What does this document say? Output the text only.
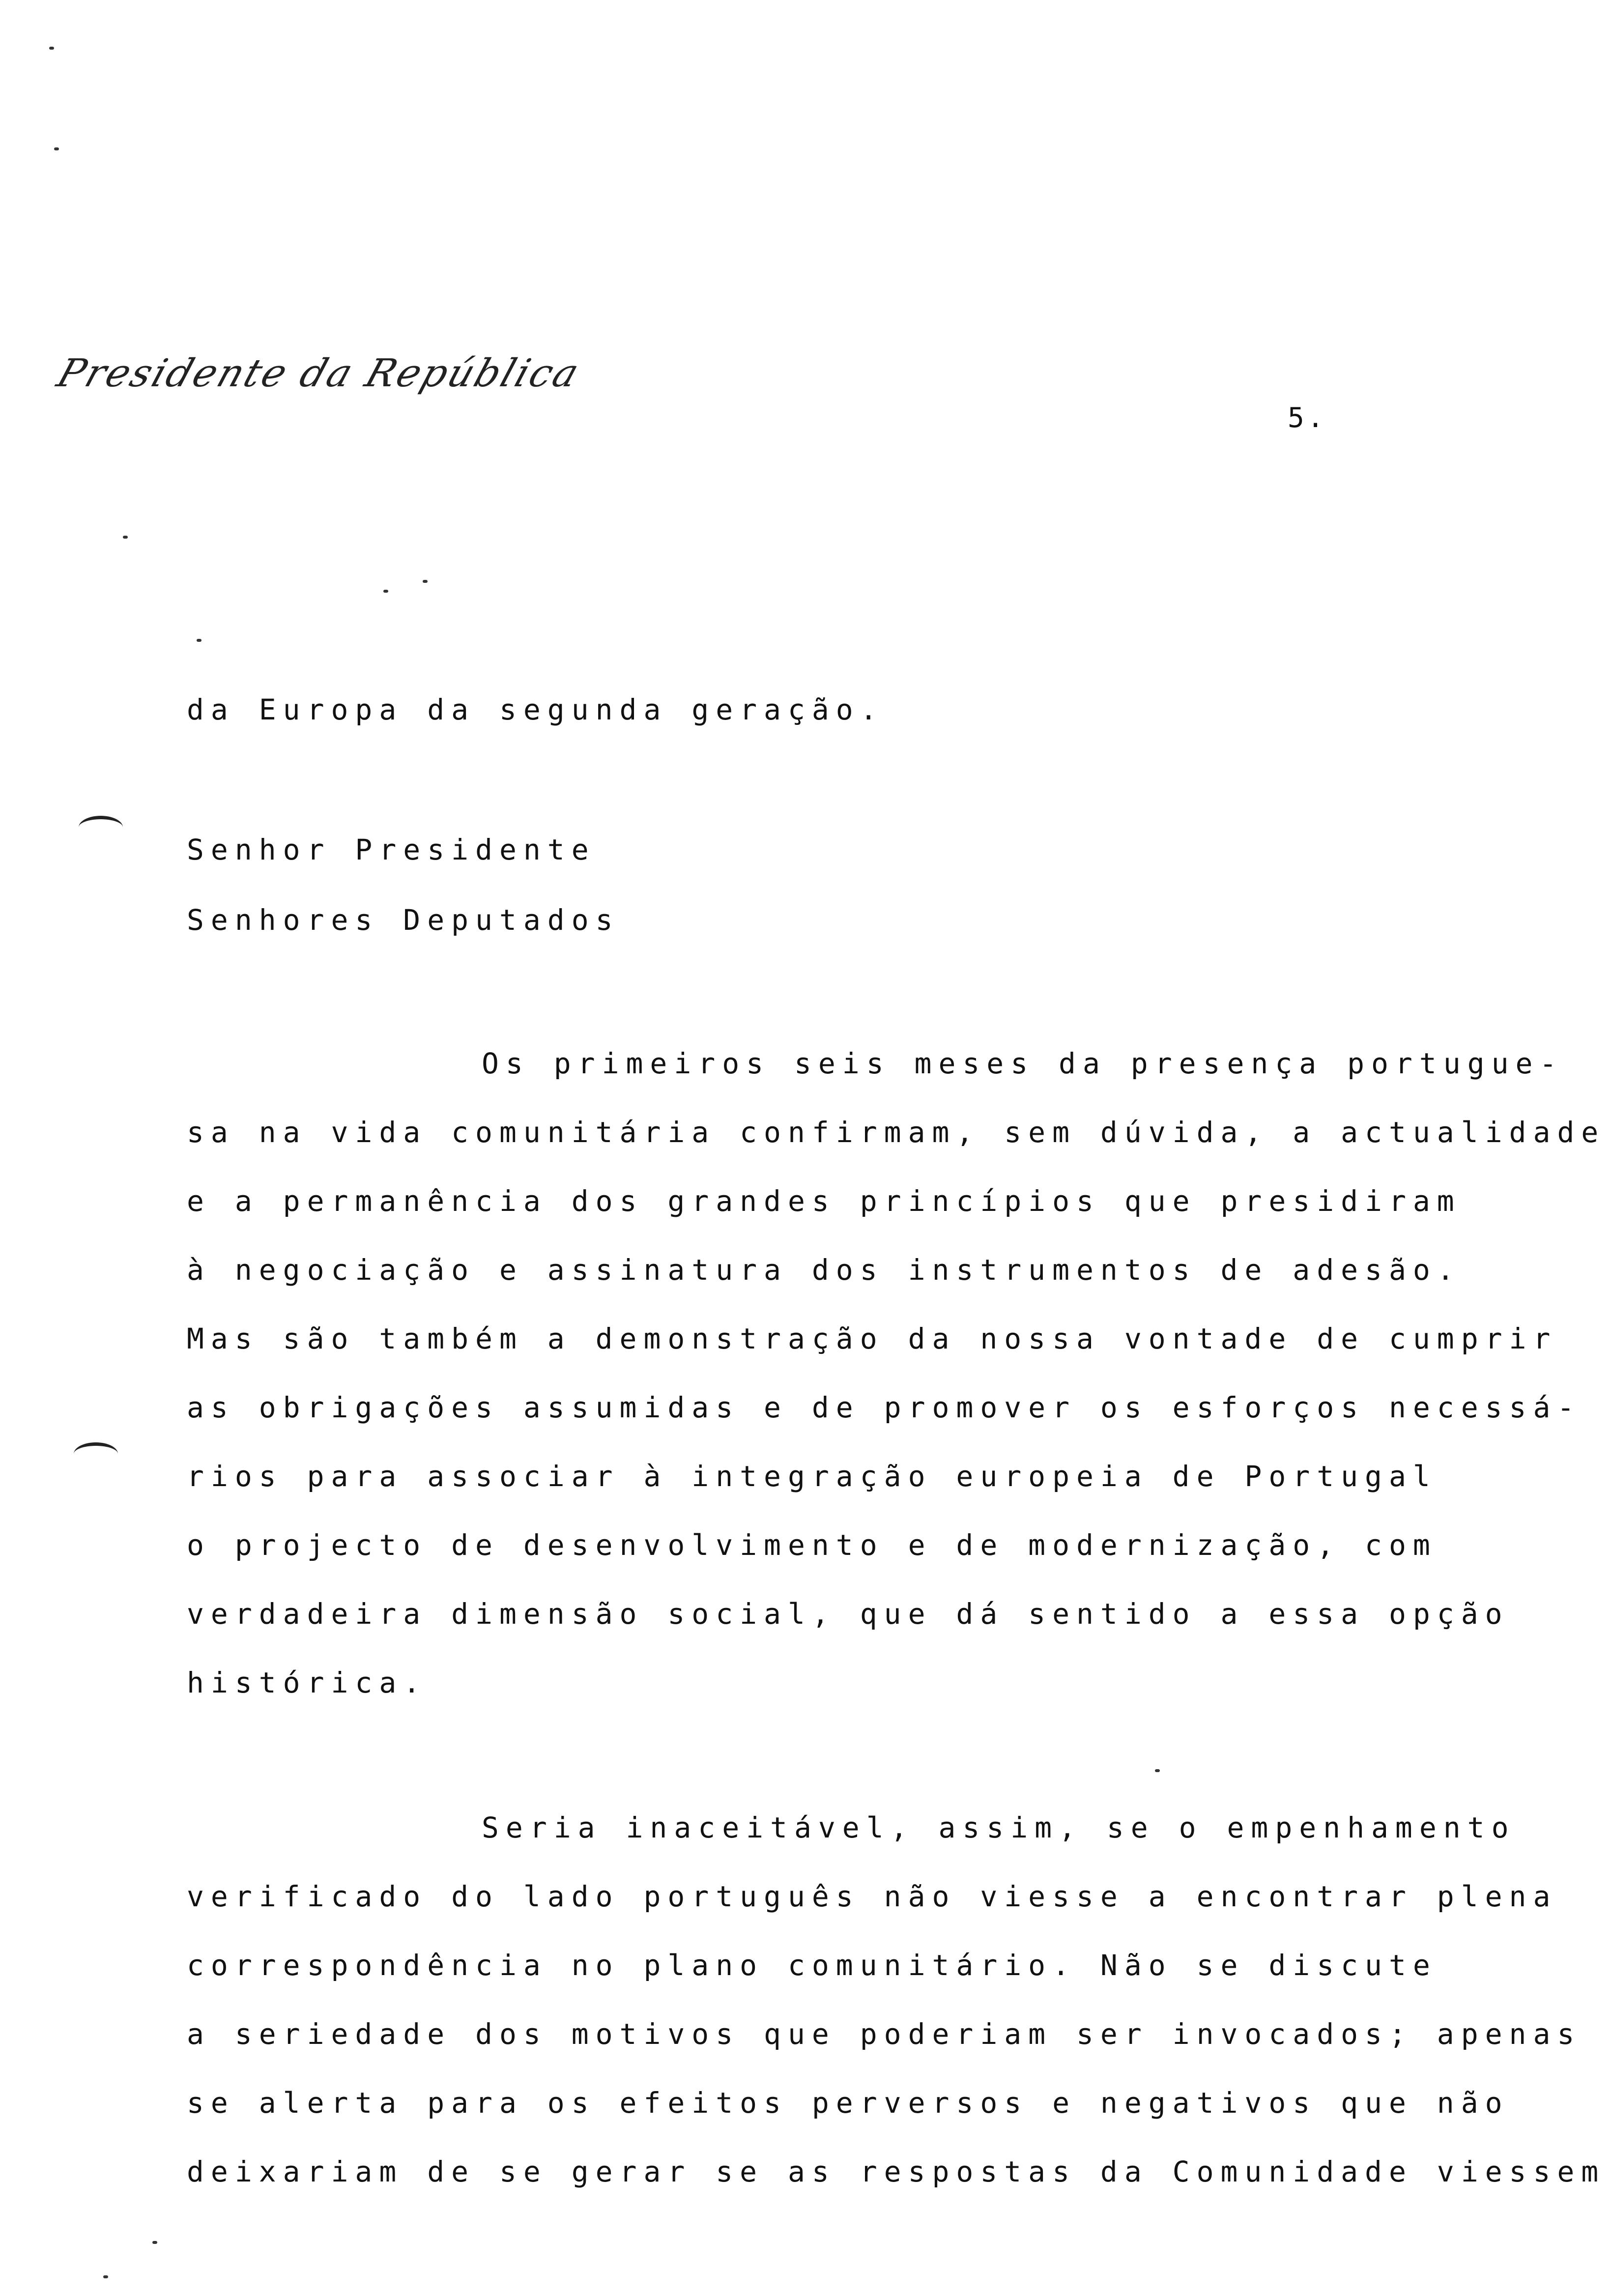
Presidente da República
5.
da Europa da segunda geração.
Senhor Presidente
Senhores Deputados
Os primeiros seis meses da presença portugue-
sa na vida comunitária confirmam, sem dúvida, a actualidade
e a permanência dos grandes princípios que presidiram
à negociação e assinatura dos instrumentos de adesão.
Mas são também a demonstração da nossa vontade de cumprir
as obrigações assumidas e de promover os esforços necessá-
rios para associar à integração europeia de Portugal
o projecto de desenvolvimento e de modernização, com
verdadeira dimensão social, que dá sentido a essa opção
histórica.
Seria inaceitável, assim, se o empenhamento
verificado do lado português não viesse a encontrar plena
correspondência no plano comunitário. Não se discute
a seriedade dos motivos que poderiam ser invocados; apenas
se alerta para os efeitos perversos e negativos que não
deixariam de se gerar se as respostas da Comunidade viessem
